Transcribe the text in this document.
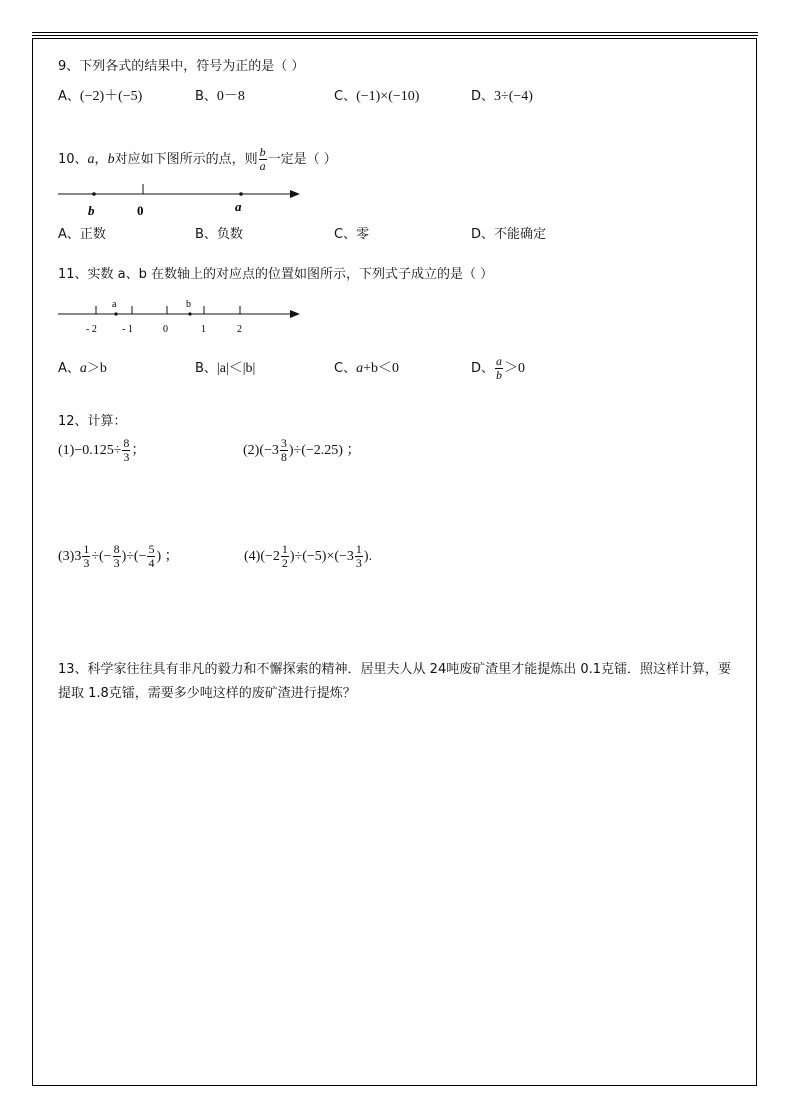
9、下列各式的结果中，符号为正的是（ ）
A、(−2)＋(−5)	B、0－8	C、(−1)×(−10)	D、3÷(−4)
10、a，b对应如下图所示的点，则 $\frac{b}{a}$ 一定是（ ）
b	0	a
A、正数	B、负数	C、零	D、不能确定
11、实数 a、b 在数轴上的对应点的位置如图所示，下列式子成立的是（ ）
a	b
- 2	- 1	0	1	2
A、a＞b	B、|a|＜|b|	C、a+b＜0	D、 $\frac{a}{b} >0$
12、计算：
$(1)-0.125\div \frac{8}{3}$ ；	$(2)(-3 \frac{3}{8} )\div(-2.25)$ ；
$(3)3 \frac{1}{3}$ ÷(− $\frac{8}{3}$ )÷(− $\frac{5}{4}$ ) ；	$(4)(-2 \frac{1}{2} )\div(-5)\times(-3 \frac{1}{3}$ ).
13、科学家往往具有非凡的毅力和不懈探索的精神．居里夫人从 24吨废矿渣里才能提炼出 0.1克镭．照这样计算，要提取 1.8克镭，需要多少吨这样的废矿渣进行提炼？
